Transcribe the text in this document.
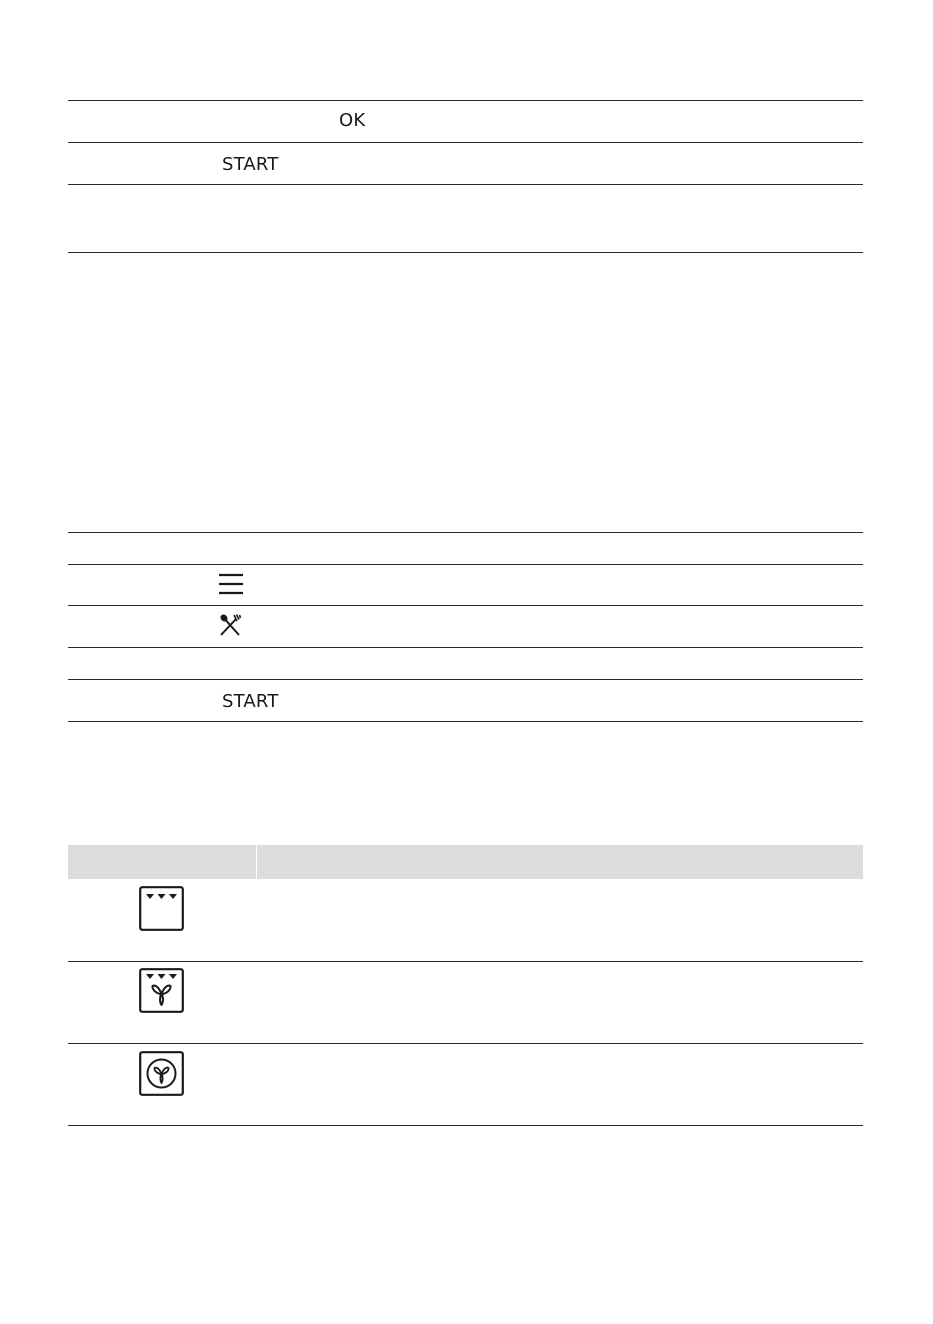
OK
START
START
